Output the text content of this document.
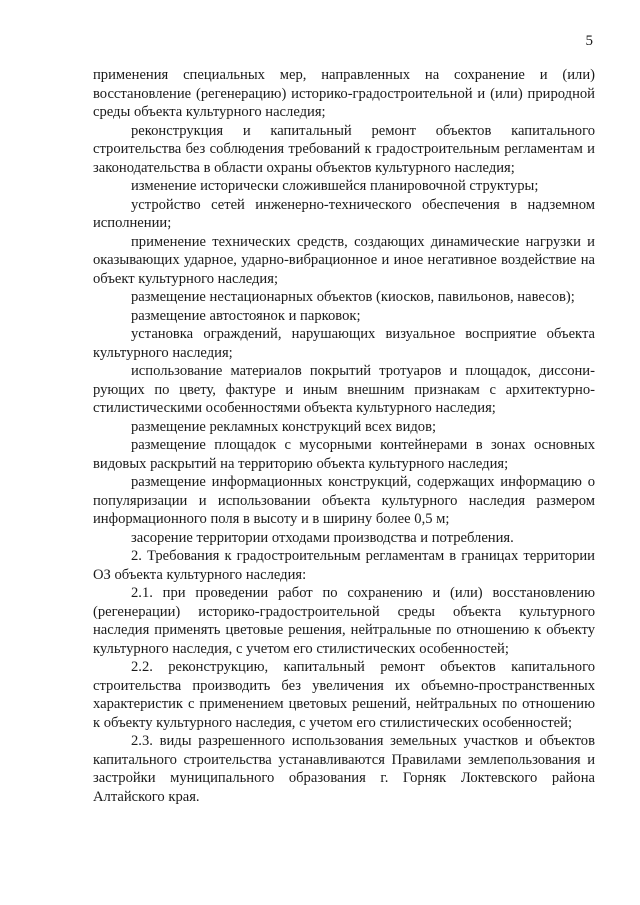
5

применения специальных мер, направленных на сохранение и (или) восстановление (регенерацию) историко-градостроительной и (или) природной среды объекта культурного наследия;

реконструкция и капитальный ремонт объектов капитального строительства без соблюдения требований к градостроительным регламентам и законодательства в области охраны объектов культурного наследия;

изменение исторически сложившейся планировочной структуры;

устройство сетей инженерно-технического обеспечения в надземном исполнении;

применение технических средств, создающих динамические нагрузки и оказывающих ударное, ударно-вибрационное и иное негативное воздействие на объект культурного наследия;

размещение нестационарных объектов (киосков, павильонов, навесов);

размещение автостоянок и парковок;

установка ограждений, нарушающих визуальное восприятие объекта культурного наследия;

использование материалов покрытий тротуаров и площадок, диссонирующих по цвету, фактуре и иным внешним признакам с архитектурно-стилистическими особенностями объекта культурного наследия;

размещение рекламных конструкций всех видов;

размещение площадок с мусорными контейнерами в зонах основных видовых раскрытий на территорию объекта культурного наследия;

размещение информационных конструкций, содержащих информацию о популяризации и использовании объекта культурного наследия размером информационного поля в высоту и в ширину более 0,5 м;

засорение территории отходами производства и потребления.

2. Требования к градостроительным регламентам в границах территории ОЗ объекта культурного наследия:

2.1. при проведении работ по сохранению и (или) восстановлению (регенерации) историко-градостроительной среды объекта культурного наследия применять цветовые решения, нейтральные по отношению к объекту культурного наследия, с учетом его стилистических особенностей;

2.2. реконструкцию, капитальный ремонт объектов капитального строительства производить без увеличения их объемно-пространственных характеристик с применением цветовых решений, нейтральных по отношению к объекту культурного наследия, с учетом его стилистических особенностей;

2.3. виды разрешенного использования земельных участков и объектов капитального строительства устанавливаются Правилами землепользования и застройки муниципального образования г. Горняк Локтевского района Алтайского края.
